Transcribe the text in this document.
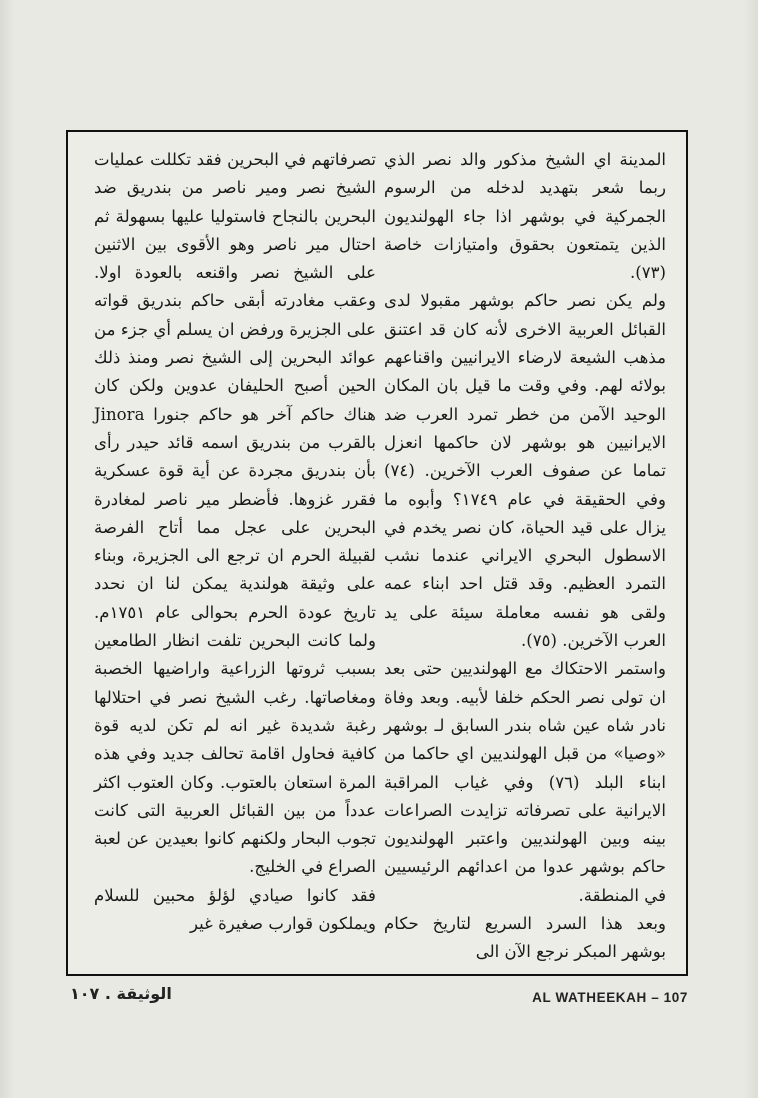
المدينة اي الشيخ مذكور والد نصر الذي ربما شعر بتهديد لدخله من الرسوم الجمركية في بوشهر اذا جاء الهولنديون الذين يتمتعون بحقوق وامتيازات خاصة (٧٣).

ولم يكن نصر حاكم بوشهر مقبولا لدى القبائل العربية الاخرى لأنه كان قد اعتنق مذهب الشيعة لارضاء الايرانيين واقناعهم بولائه لهم. وفي وقت ما قيل بان المكان الوحيد الآمن من خطر تمرد العرب ضد الايرانيين هو بوشهر لان حاكمها انعزل تماما عن صفوف العرب الآخرين. (٧٤) وفي الحقيقة في عام ١٧٤٩؟ وأبوه ما يزال على قيد الحياة، كان نصر يخدم في الاسطول البحري الايراني عندما نشب التمرد العظيم. وقد قتل احد ابناء عمه ولقى هو نفسه معاملة سيئة على يد العرب الآخرين. (٧٥).

واستمر الاحتكاك مع الهولنديين حتى بعد ان تولى نصر الحكم خلفا لأبيه. وبعد وفاة نادر شاه عين شاه بندر السابق لـ بوشهر «وصيا» من قبل الهولنديين اي حاكما من ابناء البلد (٧٦) وفي غياب المراقبة الايرانية على تصرفاته تزايدت الصراعات بينه وبين الهولنديين واعتبر الهولنديون حاكم بوشهر عدوا من اعدائهم الرئيسيين في المنطقة.

وبعد هذا السرد السريع لتاريخ حكام بوشهر المبكر نرجع الآن الى

تصرفاتهم في البحرين فقد تكللت عمليات الشيخ نصر ومير ناصر من بندريق ضد البحرين بالنجاح فاستوليا عليها بسهولة ثم احتال مير ناصر وهو الأقوى بين الاثنين على الشيخ نصر واقنعه بالعودة اولا. وعقب مغادرته أبقى حاكم بندريق قواته على الجزيرة ورفض ان يسلم أي جزء من عوائد البحرين إلى الشيخ نصر ومنذ ذلك الحين أصبح الحليفان عدوين ولكن كان هناك حاكم آخر هو حاكم جنورا Jinora بالقرب من بندريق اسمه قائد حيدر رأى بأن بندريق مجردة عن أية قوة عسكرية فقرر غزوها. فأضطر مير ناصر لمغادرة البحرين على عجل مما أتاح الفرصة لقبيلة الحرم ان ترجع الى الجزيرة، وبناء على وثيقة هولندية يمكن لنا ان نحدد تاريخ عودة الحرم بحوالى عام ١٧٥١م. ولما كانت البحرين تلفت انظار الطامعين بسبب ثروتها الزراعية واراضيها الخصبة ومغاصاتها. رغب الشيخ نصر في احتلالها رغبة شديدة غير انه لم تكن لديه قوة كافية فحاول اقامة تحالف جديد وفي هذه المرة استعان بالعتوب. وكان العتوب اكثر عدداً من بين القبائل العربية التى كانت تجوب البحار ولكنهم كانوا بعيدين عن لعبة الصراع في الخليج.

فقد كانوا صيادي لؤلؤ محبين للسلام ويملكون قوارب صغيرة غير

AL WATHEEKAH – 107
الوثيقة . ١٠٧
